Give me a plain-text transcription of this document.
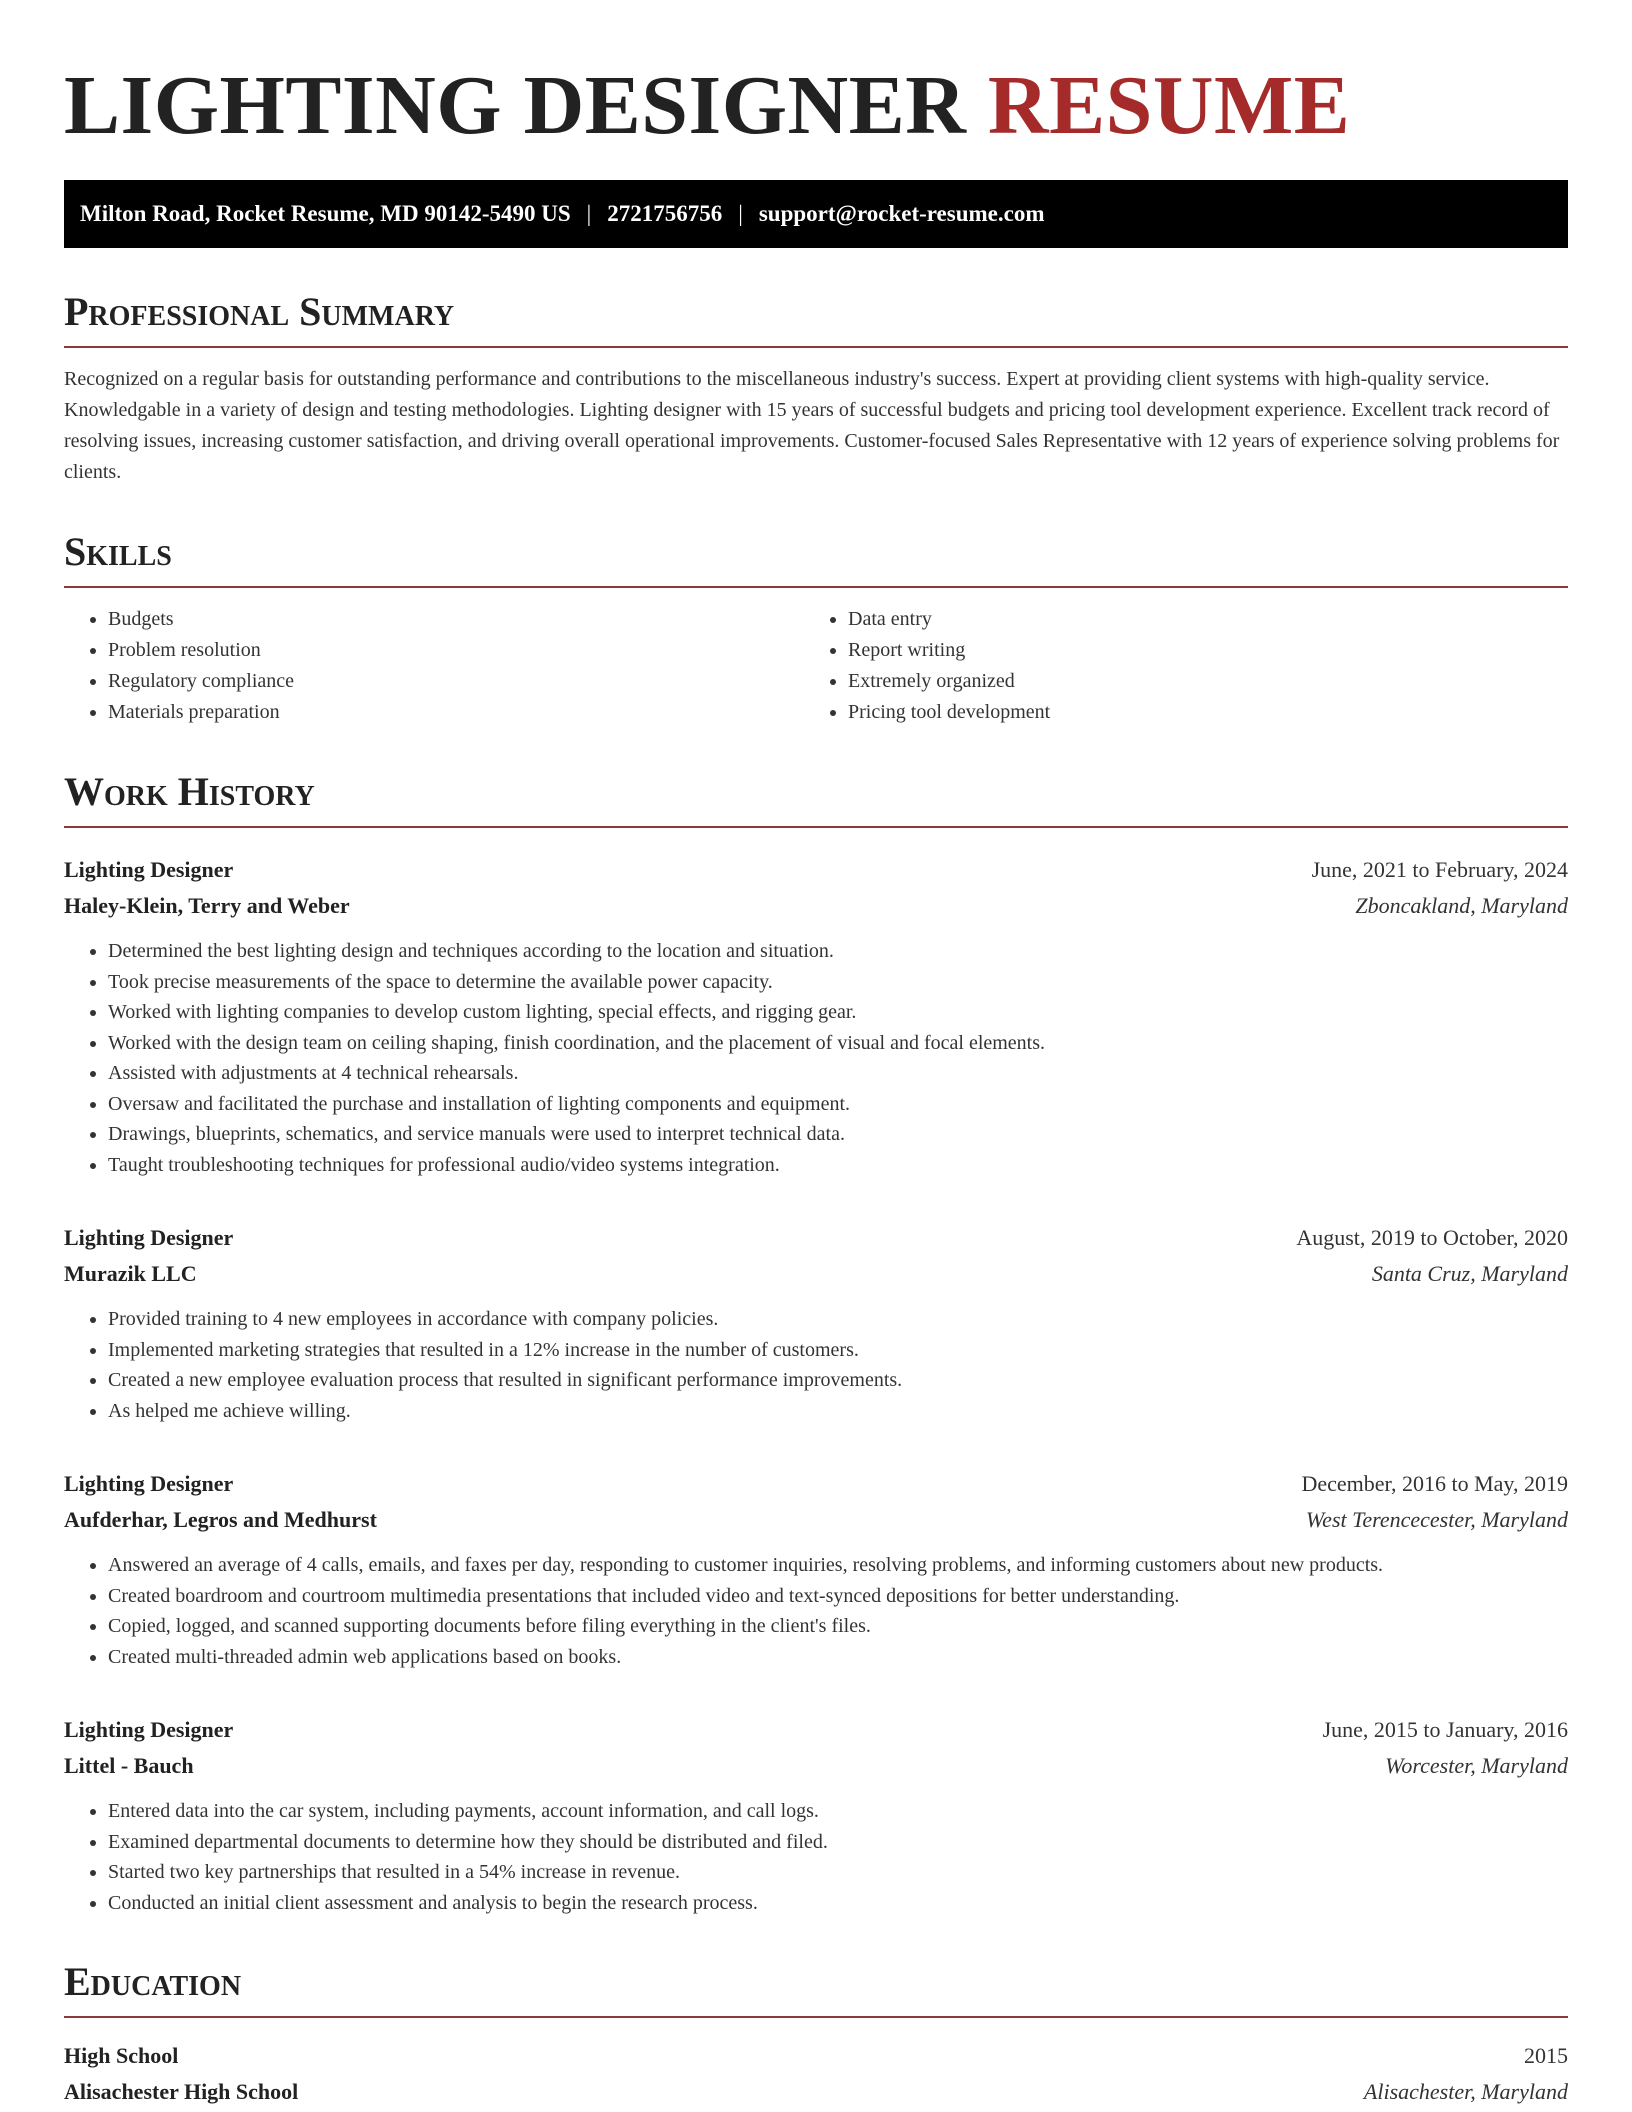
LIGHTING DESIGNER RESUME
Milton Road, Rocket Resume, MD 90142-5490 US | 2721756756 | support@rocket-resume.com
Professional Summary

Recognized on a regular basis for outstanding performance and contributions to the miscellaneous industry's success. Expert at providing client systems with high-quality service. Knowledgable in a variety of design and testing methodologies. Lighting designer with 15 years of successful budgets and pricing tool development experience. Excellent track record of resolving issues, increasing customer satisfaction, and driving overall operational improvements. Customer-focused Sales Representative with 12 years of experience solving problems for clients.

Skills
• Budgets
• Problem resolution
• Regulatory compliance
• Materials preparation
• Data entry
• Report writing
• Extremely organized
• Pricing tool development
Work History
Lighting Designer	June, 2021 to February, 2024
Haley-Klein, Terry and Weber	Zboncakland, Maryland
• Determined the best lighting design and techniques according to the location and situation.
• Took precise measurements of the space to determine the available power capacity.
• Worked with lighting companies to develop custom lighting, special effects, and rigging gear.
• Worked with the design team on ceiling shaping, finish coordination, and the placement of visual and focal elements.
• Assisted with adjustments at 4 technical rehearsals.
• Oversaw and facilitated the purchase and installation of lighting components and equipment.
• Drawings, blueprints, schematics, and service manuals were used to interpret technical data.
• Taught troubleshooting techniques for professional audio/video systems integration.
Lighting Designer	August, 2019 to October, 2020
Murazik LLC	Santa Cruz, Maryland
• Provided training to 4 new employees in accordance with company policies.
• Implemented marketing strategies that resulted in a 12% increase in the number of customers.
• Created a new employee evaluation process that resulted in significant performance improvements.
• As helped me achieve willing.
Lighting Designer	December, 2016 to May, 2019
Aufderhar, Legros and Medhurst	West Terencecester, Maryland
• Answered an average of 4 calls, emails, and faxes per day, responding to customer inquiries, resolving problems, and informing customers about new products.
• Created boardroom and courtroom multimedia presentations that included video and text-synced depositions for better understanding.
• Copied, logged, and scanned supporting documents before filing everything in the client's files.
• Created multi-threaded admin web applications based on books.
Lighting Designer	June, 2015 to January, 2016
Littel - Bauch	Worcester, Maryland
• Entered data into the car system, including payments, account information, and call logs.
• Examined departmental documents to determine how they should be distributed and filed.
• Started two key partnerships that resulted in a 54% increase in revenue.
• Conducted an initial client assessment and analysis to begin the research process.
Education
High School	2015
Alisachester High School	Alisachester, Maryland
